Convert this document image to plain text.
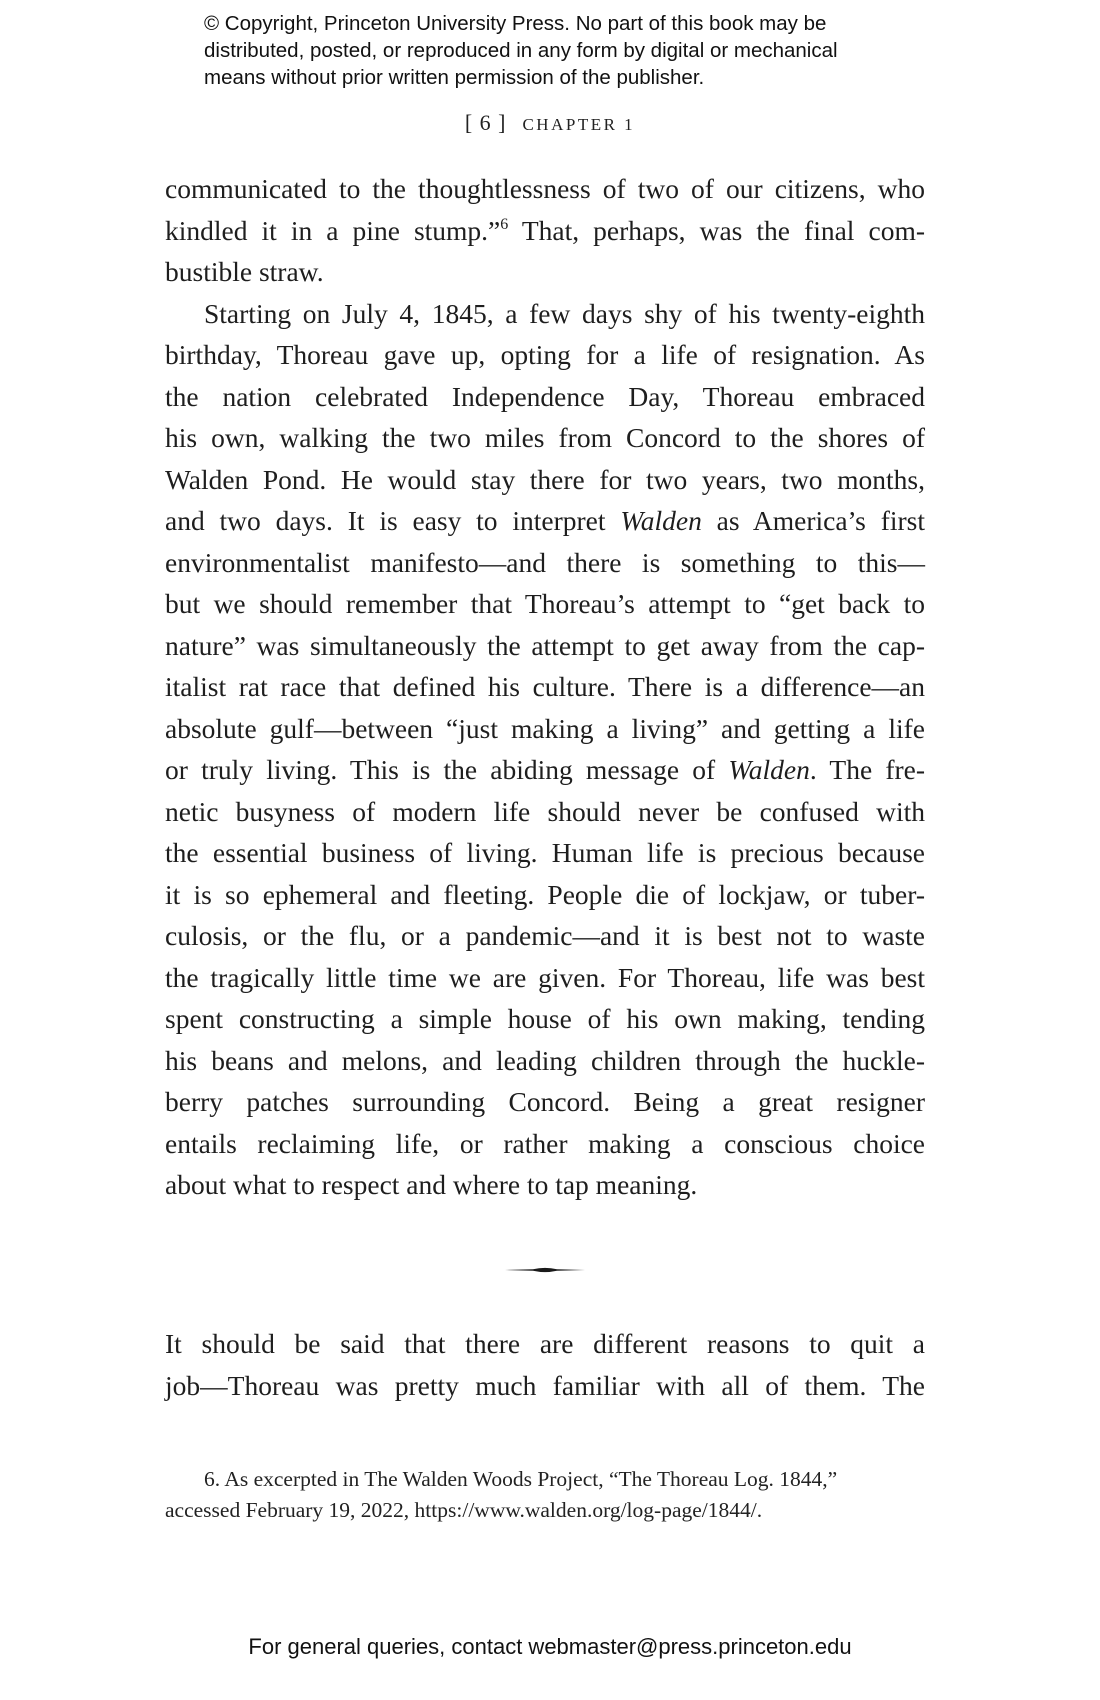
© Copyright, Princeton University Press. No part of this book may be
distributed, posted, or reproduced in any form by digital or mechanical
means without prior written permission of the publisher.
[ 6 ] CHAPTER 1
communicated to the thoughtlessness of two of our citizens, who
kindled it in a pine stump.”$^6$ That, perhaps, was the final com-
bustible straw.
Starting on July 4, 1845, a few days shy of his twenty-eighth
birthday, Thoreau gave up, opting for a life of resignation. As
the nation celebrated Independence Day, Thoreau embraced
his own, walking the two miles from Concord to the shores of
Walden Pond. He would stay there for two years, two months,
and two days. It is easy to interpret Walden as America’s first
environmentalist manifesto—and there is something to this—
but we should remember that Thoreau’s attempt to “get back to
nature” was simultaneously the attempt to get away from the cap-
italist rat race that defined his culture. There is a difference—an
absolute gulf—between “just making a living” and getting a life
or truly living. This is the abiding message of Walden. The fre-
netic busyness of modern life should never be confused with
the essential business of living. Human life is precious because
it is so ephemeral and fleeting. People die of lockjaw, or tuber-
culosis, or the flu, or a pandemic—and it is best not to waste
the tragically little time we are given. For Thoreau, life was best
spent constructing a simple house of his own making, tending
his beans and melons, and leading children through the huckle-
berry patches surrounding Concord. Being a great resigner
entails reclaiming life, or rather making a conscious choice
about what to respect and where to tap meaning.
It should be said that there are different reasons to quit a
job—Thoreau was pretty much familiar with all of them. The
6. As excerpted in The Walden Woods Project, “The Thoreau Log. 1844,”
accessed February 19, 2022, https://www.walden.org/log-page/1844/.
For general queries, contact webmaster@press.princeton.edu
